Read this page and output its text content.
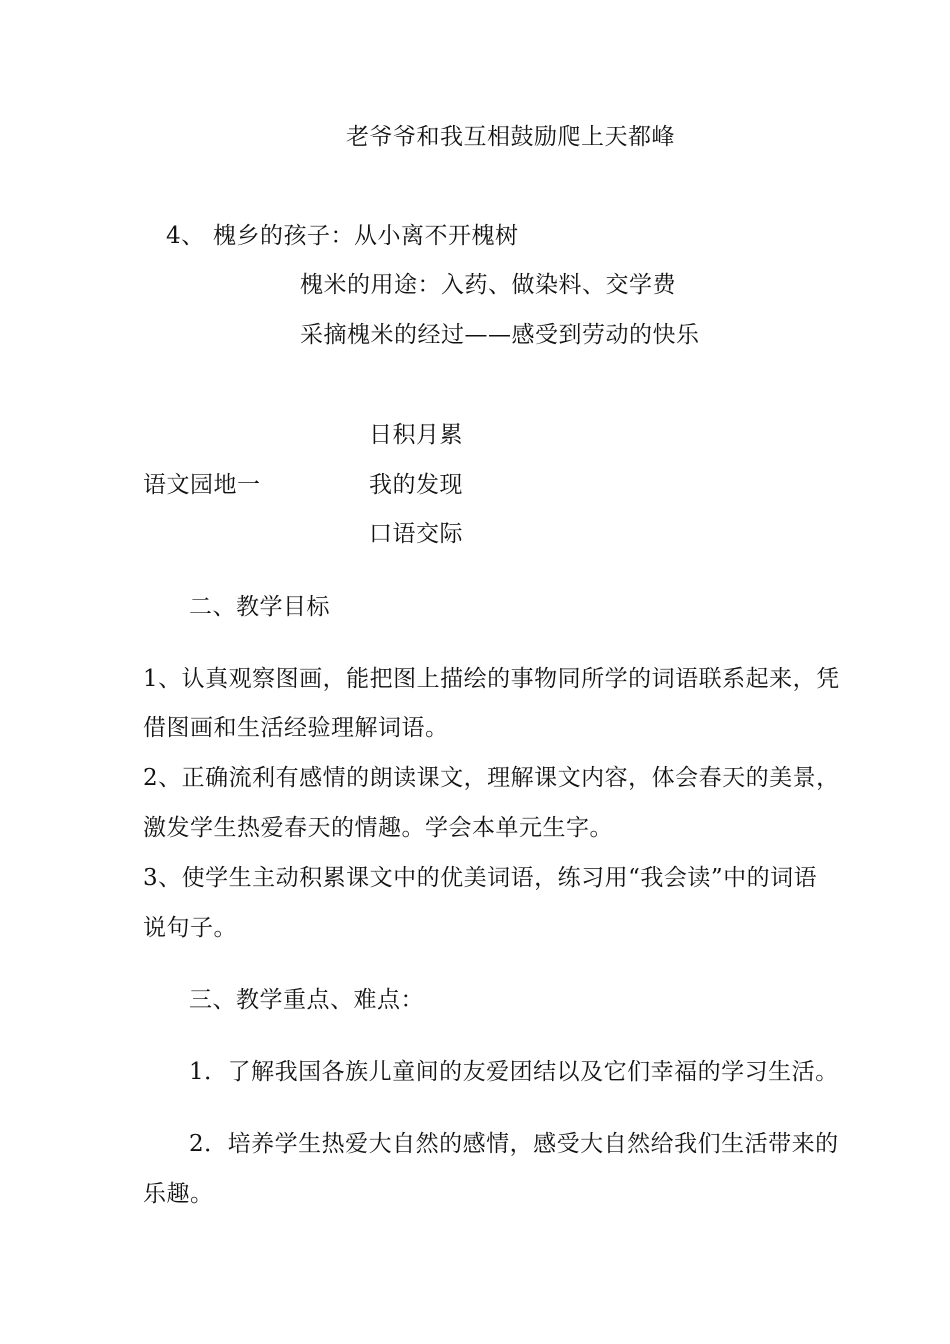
老爷爷和我互相鼓励爬上天都峰
4、 槐乡的孩子：从小离不开槐树
槐米的用途：入药、做染料、交学费
采摘槐米的经过——感受到劳动的快乐
日积月累
语文园地一	我的发现
口语交际
二、教学目标
1、认真观察图画，能把图上描绘的事物同所学的词语联系起来，凭
借图画和生活经验理解词语。
2、正确流利有感情的朗读课文，理解课文内容，体会春天的美景，
激发学生热爱春天的情趣。学会本单元生字。
3、使学生主动积累课文中的优美词语，练习用“我会读”中的词语
说句子。
三、教学重点、难点：
1．了解我国各族儿童间的友爱团结以及它们幸福的学习生活。
2．培养学生热爱大自然的感情，感受大自然给我们生活带来的
乐趣。
